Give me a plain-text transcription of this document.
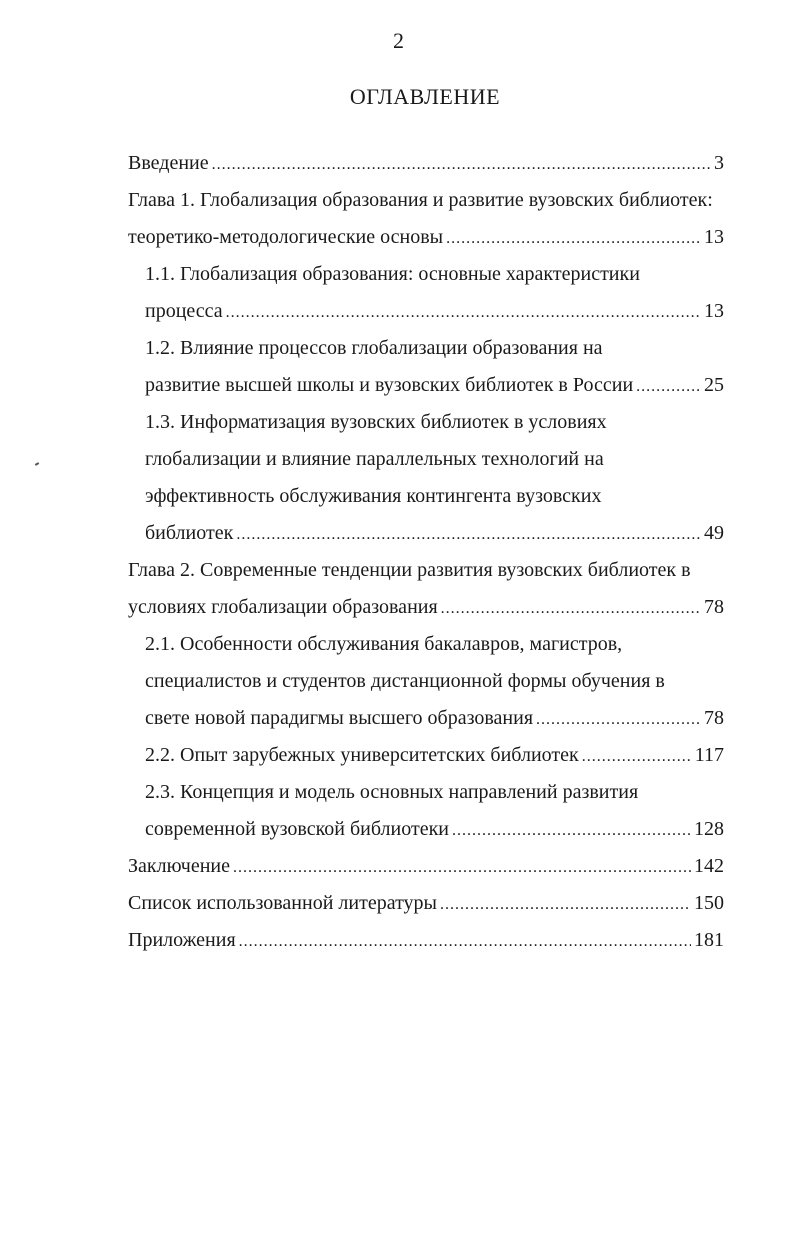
2
ОГЛАВЛЕНИЕ
Введение .....	3
Глава 1. Глобализация образования и развитие вузовских библиотек:
теоретико-методологические основы .....	13
1.1. Глобализация образования: основные характеристики
процесса .....	13
1.2. Влияние процессов глобализации образования на
развитие высшей школы и вузовских библиотек в России .....	25
1.3. Информатизация вузовских библиотек в условиях
глобализации и влияние параллельных технологий на
эффективность обслуживания контингента вузовских
библиотек .....	49
Глава 2. Современные тенденции развития вузовских библиотек в
условиях глобализации образования .....	78
2.1. Особенности обслуживания бакалавров, магистров,
специалистов и студентов дистанционной формы обучения в
свете новой парадигмы высшего образования .....	78
2.2. Опыт зарубежных университетских библиотек .....	117
2.3. Концепция и модель основных направлений развития
современной вузовской библиотеки .....	128
Заключение .....	142
Список использованной литературы .....	150
Приложения .....	181
